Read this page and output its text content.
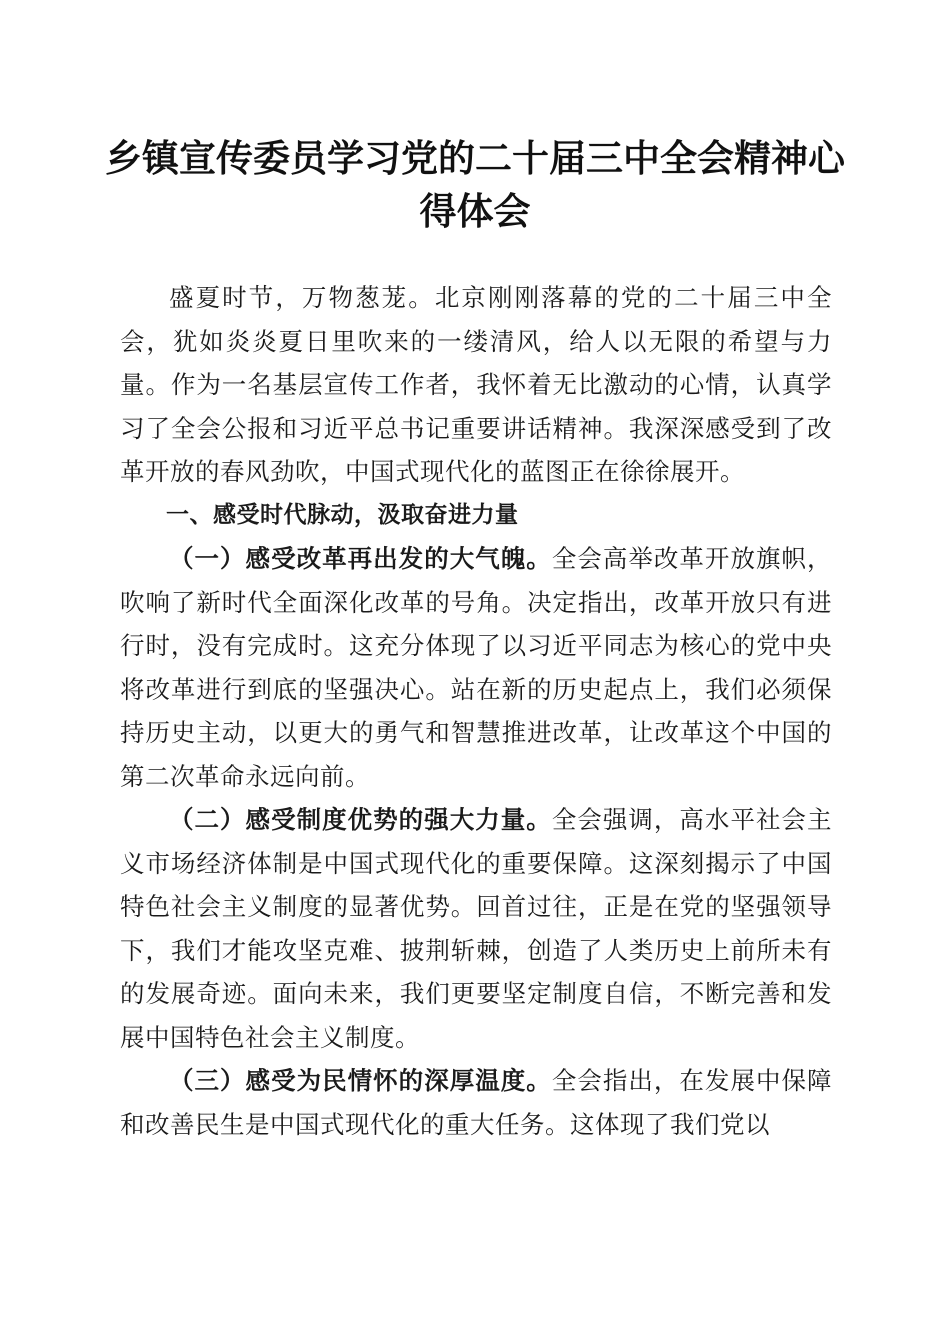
乡镇宣传委员学习党的二十届三中全会精神心得体会

盛夏时节，万物葱茏。北京刚刚落幕的党的二十届三中全会，犹如炎炎夏日里吹来的一缕清风，给人以无限的希望与力量。作为一名基层宣传工作者，我怀着无比激动的心情，认真学习了全会公报和习近平总书记重要讲话精神。我深深感受到了改革开放的春风劲吹，中国式现代化的蓝图正在徐徐展开。

一、感受时代脉动，汲取奋进力量

（一）感受改革再出发的大气魄。全会高举改革开放旗帜，吹响了新时代全面深化改革的号角。决定指出，改革开放只有进行时，没有完成时。这充分体现了以习近平同志为核心的党中央将改革进行到底的坚强决心。站在新的历史起点上，我们必须保持历史主动，以更大的勇气和智慧推进改革，让改革这个中国的第二次革命永远向前。

（二）感受制度优势的强大力量。全会强调，高水平社会主义市场经济体制是中国式现代化的重要保障。这深刻揭示了中国特色社会主义制度的显著优势。回首过往，正是在党的坚强领导下，我们才能攻坚克难、披荆斩棘，创造了人类历史上前所未有的发展奇迹。面向未来，我们更要坚定制度自信，不断完善和发展中国特色社会主义制度。

（三）感受为民情怀的深厚温度。全会指出，在发展中保障和改善民生是中国式现代化的重大任务。这体现了我们党以
